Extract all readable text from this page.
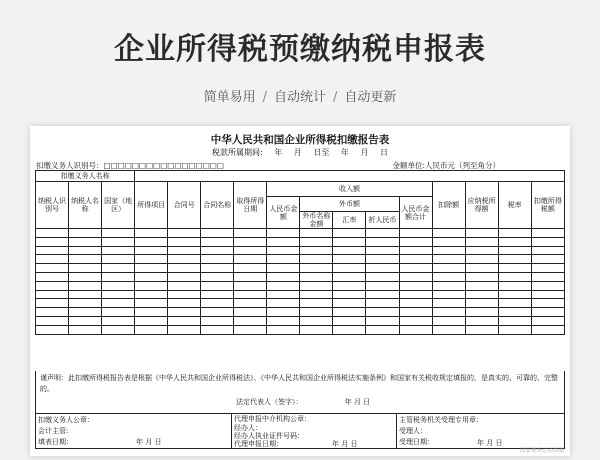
企业所得税预缴纳税申报表
简单易用 / 自动统计 / 自动更新
中华人民共和国企业所得税扣缴报告表
税款所属期间: 年 月 日至 年 月 日
扣缴义务人识别号：□□□□□□□□□□□□□□□□□	金额单位:人民币元（列至角分）
扣缴义务人名称															
纳税人识别号	纳税人名称	国家（地区）	所得项目	合同号	合同名称	取得所得日期	收入额					扣除额	应纳税所得额	税率	扣缴所得税额
							人民币金额	外币额			人民币金额合计				
								外币名称金额	汇率	折人民币					

谨声明：此扣缴所得税报告表是根据《中华人民共和国企业所得税法》、《中华人民共和国企业所得税法实施条例》和国家有关税收规定填报的，是真实的、可靠的、完整的。
法定代表人（签字）：	年 月 日
扣缴义务人公章：
会计主管:
填表日期：	年 月 日
代理申报中介机构公章：
经办人：
经办人执业证件号码：
代理申报日期：	年 月 日
主管税务机关受理专用章：
受理人：
受理日期：	年 月 日
国家税务总局监制
